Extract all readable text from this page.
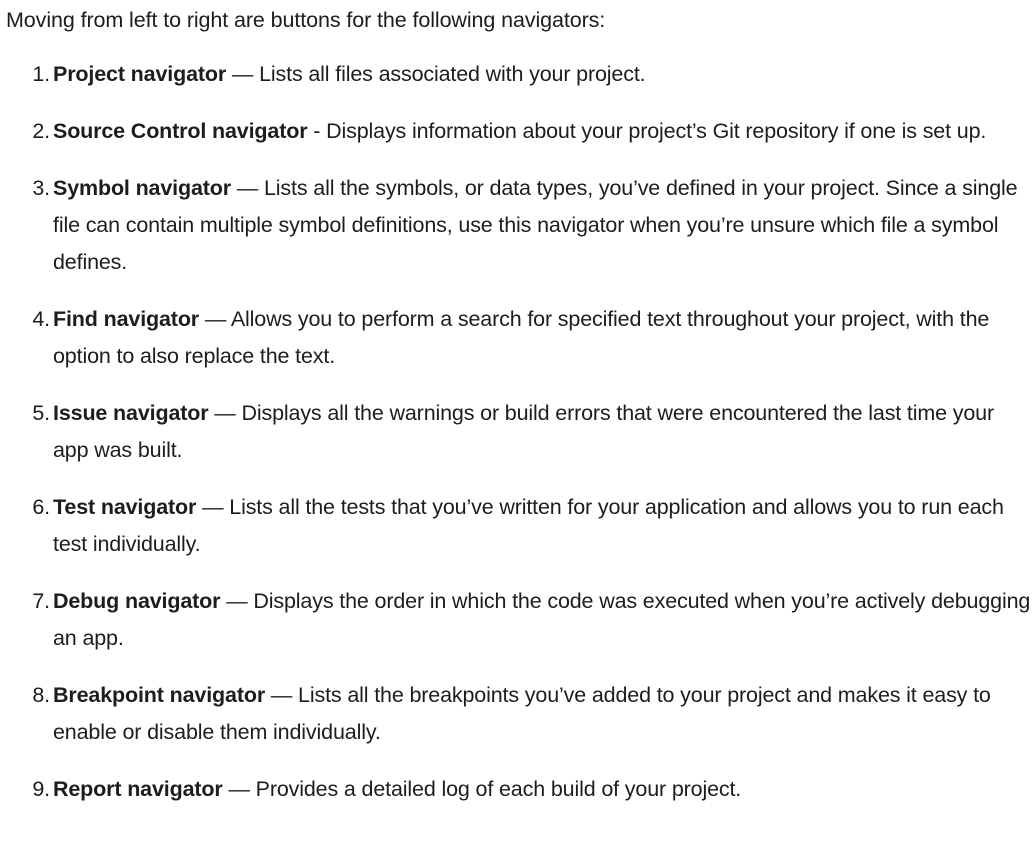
Moving from left to right are buttons for the following navigators:

1. Project navigator — Lists all files associated with your project.
2. Source Control navigator - Displays information about your project’s Git repository if one is set up.
3. Symbol navigator — Lists all the symbols, or data types, you’ve defined in your project. Since a single file can contain multiple symbol definitions, use this navigator when you’re unsure which file a symbol defines.
4. Find navigator — Allows you to perform a search for specified text throughout your project, with the option to also replace the text.
5. Issue navigator — Displays all the warnings or build errors that were encountered the last time your app was built.
6. Test navigator — Lists all the tests that you’ve written for your application and allows you to run each test individually.
7. Debug navigator — Displays the order in which the code was executed when you’re actively debugging an app.
8. Breakpoint navigator — Lists all the breakpoints you’ve added to your project and makes it easy to enable or disable them individually.
9. Report navigator — Provides a detailed log of each build of your project.
